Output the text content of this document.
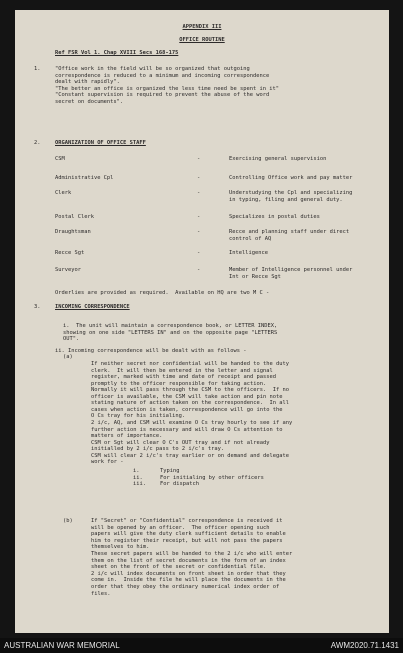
APPENDIX III
OFFICE ROUTINE
Ref FSR Vol 1. Chap XVIII Secs 168-175
1.	"Office work in the field will be so organized that outgoing
correspondence is reduced to a minimum and incoming correspondence
dealt with rapidly".
"The better an office is organized the less time need be spent in it"
"Constant supervision is required to prevent the abuse of the word
secret on documents".
2.	ORGANIZATION OF OFFICE STAFF
CSM	-	Exercising general supervision
Administrative Cpl	-	Controlling Office work and pay matter
Clerk	-	Understudying the Cpl and specializing
in typing, filing and general duty.
Postal Clerk	-	Specializes in postal duties
Draughtsman	-	Recce and planning staff under direct
control of AQ
Recce Sgt	-	Intelligence
Surveyor	-	Member of Intelligence personnel under
Int or Recce Sgt
Orderlies are provided as required.  Available on HQ are two M C -
3.	INCOMING CORRESPONDENCE
i.  The unit will maintain a correspondence book, or LETTER INDEX,
showing on one side "LETTERS IN" and on the opposite page "LETTERS
OUT".
ii. Incoming correspondence will be dealt with as follows -
(a)
If neither secret nor confidential will be handed to the duty
clerk.  It will then be entered in the letter and signal
register, marked with time and date of receipt and passed
promptly to the officer responsible for taking action.
Normally it will pass through the CSM to the officers.  If no
officer is available, the CSM will take action and pin note
stating nature of action taken on the correspondence.  In all
cases when action is taken, correspondence will go into the
O Cs tray for his initialing.
2 i/c, AQ, and CSM will examine O Cs tray hourly to see if any
further action is necessary and will draw O Cs attention to
matters of importance.
CSM or Sgt will clear O C's OUT tray and if not already
initialled by 2 i/c pass to 2 i/c's tray.
CSM will clear 2 i/c's tray earlier or on demand and delegate
work for -
i.	Typing
ii.	For initialing by other officers
iii.	For dispatch
(b)	If "Secret" or "Confidential" correspondence is received it
will be opened by an officer.  The officer opening such
papers will give the duty clerk sufficient details to enable
him to register their receipt, but will not pass the papers
themselves to him.
These secret papers will be handed to the 2 i/c who will enter
them on the list of secret documents in the form of an index
sheet on the front of the secret or confidential file.
2 i/c will index documents on front sheet in order that they
come in.  Inside the file he will place the documents in the
order that they obey the ordinary numerical index order of
files.
AUSTRALIAN WAR MEMORIAL	AWM2020.71.1431
